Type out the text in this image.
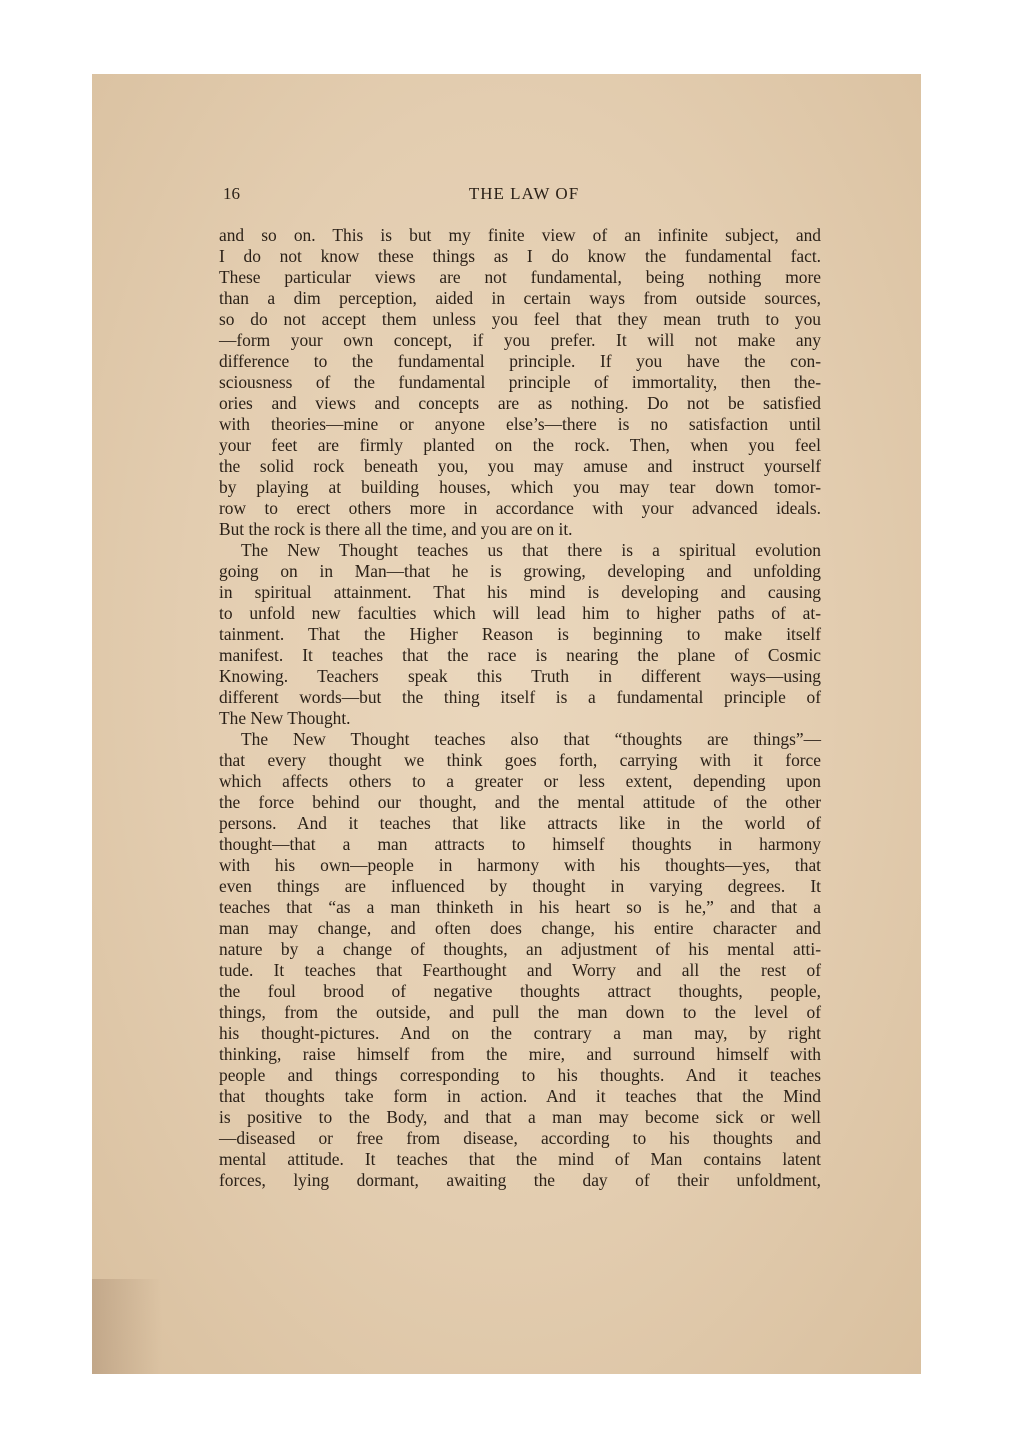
16	THE LAW OF
and so on. This is but my finite view of an infinite subject, and
I do not know these things as I do know the fundamental fact.
These particular views are not fundamental, being nothing more
than a dim perception, aided in certain ways from outside sources,
so do not accept them unless you feel that they mean truth to you
—form your own concept, if you prefer. It will not make any
difference to the fundamental principle. If you have the con-
sciousness of the fundamental principle of immortality, then the-
ories and views and concepts are as nothing. Do not be satisfied
with theories—mine or anyone else’s—there is no satisfaction until
your feet are firmly planted on the rock. Then, when you feel
the solid rock beneath you, you may amuse and instruct yourself
by playing at building houses, which you may tear down tomor-
row to erect others more in accordance with your advanced ideals.
But the rock is there all the time, and you are on it.
The New Thought teaches us that there is a spiritual evolution
going on in Man—that he is growing, developing and unfolding
in spiritual attainment. That his mind is developing and causing
to unfold new faculties which will lead him to higher paths of at-
tainment. That the Higher Reason is beginning to make itself
manifest. It teaches that the race is nearing the plane of Cosmic
Knowing. Teachers speak this Truth in different ways—using
different words—but the thing itself is a fundamental principle of
The New Thought.
The New Thought teaches also that “thoughts are things”—
that every thought we think goes forth, carrying with it force
which affects others to a greater or less extent, depending upon
the force behind our thought, and the mental attitude of the other
persons. And it teaches that like attracts like in the world of
thought—that a man attracts to himself thoughts in harmony
with his own—people in harmony with his thoughts—yes, that
even things are influenced by thought in varying degrees. It
teaches that “as a man thinketh in his heart so is he,” and that a
man may change, and often does change, his entire character and
nature by a change of thoughts, an adjustment of his mental atti-
tude. It teaches that Fearthought and Worry and all the rest of
the foul brood of negative thoughts attract thoughts, people,
things, from the outside, and pull the man down to the level of
his thought-pictures. And on the contrary a man may, by right
thinking, raise himself from the mire, and surround himself with
people and things corresponding to his thoughts. And it teaches
that thoughts take form in action. And it teaches that the Mind
is positive to the Body, and that a man may become sick or well
—diseased or free from disease, according to his thoughts and
mental attitude. It teaches that the mind of Man contains latent
forces, lying dormant, awaiting the day of their unfoldment,
